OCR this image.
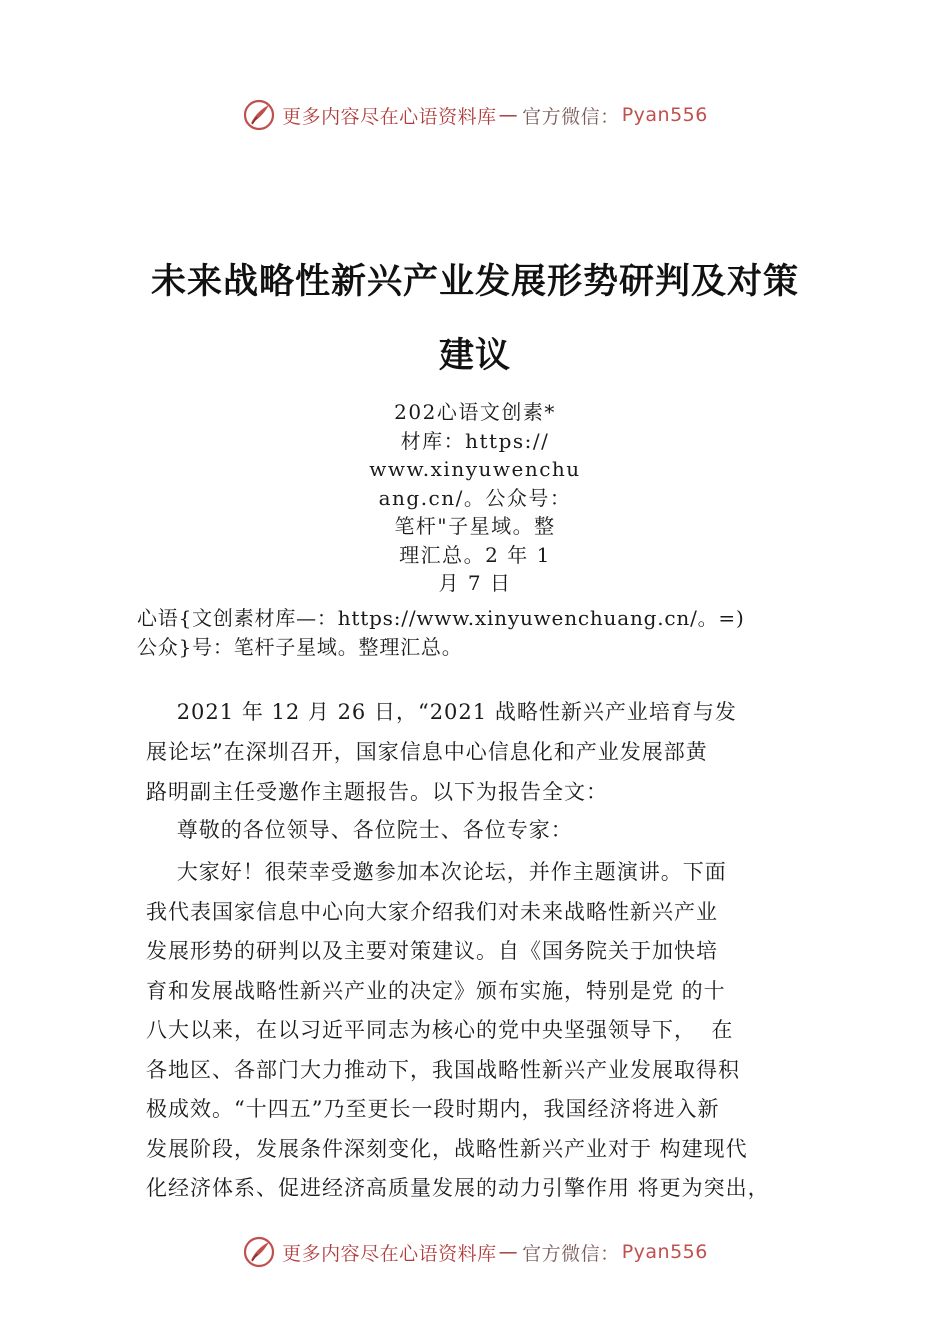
更多内容尽在心语资料库 — 官方微信： Pyan556
未来战略性新兴产业发展形势研判及对策
建议
202心语文创素*
材库：https://
www.xinyuwenchu
ang.cn/。公众号：
笔杆"子星域。整
理汇总。2 年 1
月 7 日
心语{文创素材库—：https://www.xinyuwenchuang.cn/。=)
公众}号：笔杆子星域。整理汇总。
2021 年 12 月 26 日，“2021 战略性新兴产业培育与发
展论坛”在深圳召开，国家信息中心信息化和产业发展部黄
路明副主任受邀作主题报告。以下为报告全文：
尊敬的各位领导、各位院士、各位专家：
大家好！很荣幸受邀参加本次论坛，并作主题演讲。下面
我代表国家信息中心向大家介绍我们对未来战略性新兴产业
发展形势的研判以及主要对策建议。自《国务院关于加快培
育和发展战略性新兴产业的决定》颁布实施，特别是党 的十
八大以来，在以习近平同志为核心的党中央坚强领导下，  在
各地区、各部门大力推动下，我国战略性新兴产业发展取得积
极成效。“十四五”乃至更长一段时期内，我国经济将进入新
发展阶段，发展条件深刻变化，战略性新兴产业对于 构建现代
化经济体系、促进经济高质量发展的动力引擎作用 将更为突出，
更多内容尽在心语资料库 — 官方微信： Pyan556
